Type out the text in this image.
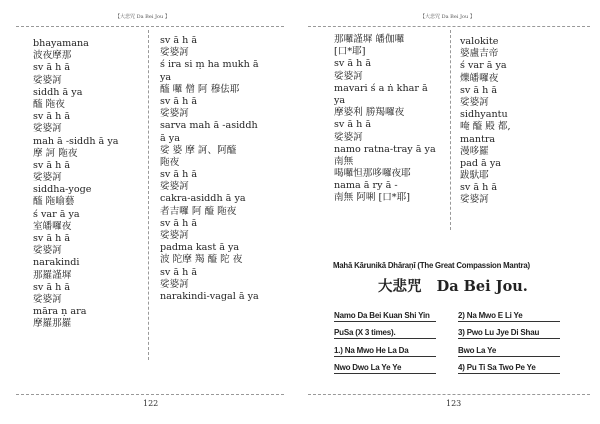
【大悲咒 Da Bei Jou 】
bhayamana
波夜摩那
sv ā h ā
娑婆訶
siddh ā ya
醯 陁夜
sv ā h ā
娑婆訶
mah ā -siddh ā ya
摩 訶 陁夜
sv ā h ā
娑婆訶
siddha-yoge
醯 陁喻藝
ś var ā ya
室皤囉夜
sv ā h ā
娑婆訶
narakindi
那羅謹墀
sv ā h ā
娑婆訶
māra ṇ ara
摩羅那羅
sv ā h ā
娑婆訶
ś ira si ṃ ha mukh ā
ya
醯 囉 僧 阿 穆佉耶
sv ā h ā
娑婆訶
sarva mah ā -asiddh
ā ya
娑 婆 摩 訶、阿醯
陁夜
sv ā h ā
娑婆訶
cakra-asiddh ā ya
者吉囉 阿 醯 陁夜
sv ā h ā
娑婆訶
padma kast ā ya
波 陀摩 羯 醯 陀 夜
sv ā h ā
娑婆訶
narakindi-vagal ā ya
122
【大悲咒 Da Bei Jou 】
那囉謹墀 皤伽囉
[口*耶]
sv ā h ā
娑婆訶
mavari ś a ṅ khar ā
ya
摩婆利 勝羯囉夜
sv ā h ā
娑婆訶
namo ratna-tray ā ya
南無
喝囉怛那哆囉夜耶
nama ā ry ā -
南無 阿唎 [口*耶]
valokite
婆盧吉帝
ś var ā ya
爍皤囉夜
sv ā h ā
娑婆訶
sidhyantu
唵 醯 殿 都,
mantra
漫哆羅
pad ā ya
跋馱耶
sv ā h ā
娑婆訶
Mahā Kārunikā Dhāraṇī (The Great Compassion Mantra)
大悲咒 Da Bei Jou.
Namo Da Bei Kuan Shi Yin
PuSa (X 3 times).
1.) Na Mwo He La Da
Nwo Dwo La Ye Ye
2) Na Mwo E Li Ye
3) Pwo Lu Jye Di Shau
Bwo La Ye
4) Pu Ti Sa Two Pe Ye
123
